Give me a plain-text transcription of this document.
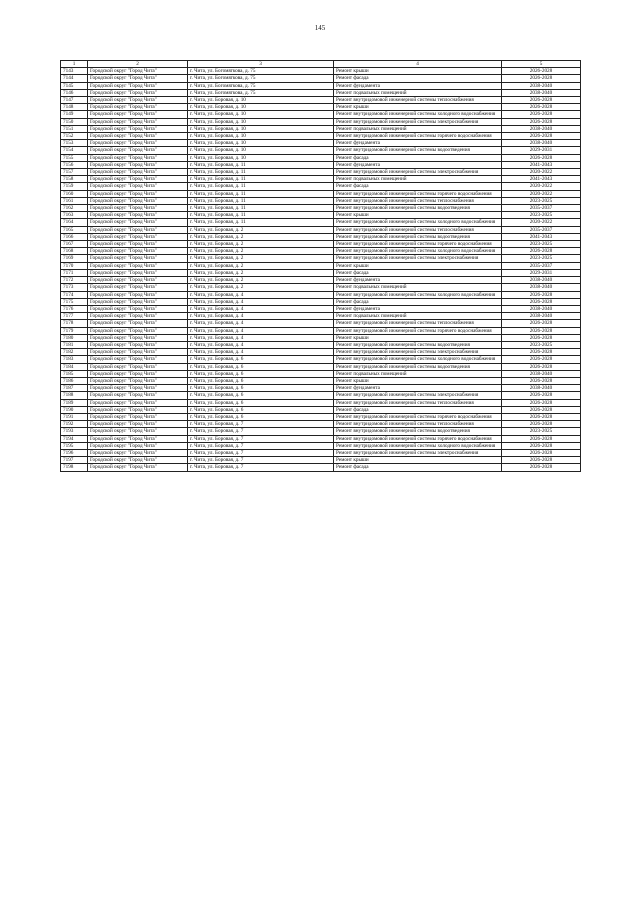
145
1	2	3	4	5
7143	Городской округ "Город Чита"	г. Чита, ул. Богомягкова, д. 75	Ремонт крыши	2026-2028
7144	Городской округ "Город Чита"	г. Чита, ул. Богомягкова, д. 75	Ремонт фасада	2026-2028
7145	Городской округ "Город Чита"	г. Чита, ул. Богомягкова, д. 75	Ремонт фундамента	2038-2040
7146	Городской округ "Город Чита"	г. Чита, ул. Богомягкова, д. 75	Ремонт подвальных помещений	2038-2040
7147	Городской округ "Город Чита"	г. Чита, ул. Боровая, д. 10	Ремонт внутридомовой инженерной системы теплоснабжения	2026-2028
7148	Городской округ "Город Чита"	г. Чита, ул. Боровая, д. 10	Ремонт крыши	2026-2028
7149	Городской округ "Город Чита"	г. Чита, ул. Боровая, д. 10	Ремонт внутридомовой инженерной системы холодного водоснабжения	2026-2028
7150	Городской округ "Город Чита"	г. Чита, ул. Боровая, д. 10	Ремонт внутридомовой инженерной системы электроснабжения	2026-2028
7151	Городской округ "Город Чита"	г. Чита, ул. Боровая, д. 10	Ремонт подвальных помещений	2038-2040
7152	Городской округ "Город Чита"	г. Чита, ул. Боровая, д. 10	Ремонт внутридомовой инженерной системы горячего водоснабжения	2026-2028
7153	Городской округ "Город Чита"	г. Чита, ул. Боровая, д. 10	Ремонт фундамента	2038-2040
7154	Городской округ "Город Чита"	г. Чита, ул. Боровая, д. 10	Ремонт внутридомовой инженерной системы водоотведения	2029-2031
7155	Городской округ "Город Чита"	г. Чита, ул. Боровая, д. 10	Ремонт фасада	2026-2028
7156	Городской округ "Город Чита"	г. Чита, ул. Боровая, д. 11	Ремонт фундамента	2041-2043
7157	Городской округ "Город Чита"	г. Чита, ул. Боровая, д. 11	Ремонт внутридомовой инженерной системы электроснабжения	2020-2022
7158	Городской округ "Город Чита"	г. Чита, ул. Боровая, д. 11	Ремонт подвальных помещений	2041-2043
7159	Городской округ "Город Чита"	г. Чита, ул. Боровая, д. 11	Ремонт фасада	2020-2022
7160	Городской округ "Город Чита"	г. Чита, ул. Боровая, д. 11	Ремонт внутридомовой инженерной системы горячего водоснабжения	2020-2022
7161	Городской округ "Город Чита"	г. Чита, ул. Боровая, д. 11	Ремонт внутридомовой инженерной системы теплоснабжения	2023-2025
7162	Городской округ "Город Чита"	г. Чита, ул. Боровая, д. 11	Ремонт внутридомовой инженерной системы водоотведения	2035-2037
7163	Городской округ "Город Чита"	г. Чита, ул. Боровая, д. 11	Ремонт крыши	2023-2025
7164	Городской округ "Город Чита"	г. Чита, ул. Боровая, д. 11	Ремонт внутридомовой инженерной системы холодного водоснабжения	2020-2022
7165	Городской округ "Город Чита"	г. Чита, ул. Боровая, д. 2	Ремонт внутридомовой инженерной системы теплоснабжения	2035-2037
7166	Городской округ "Город Чита"	г. Чита, ул. Боровая, д. 2	Ремонт внутридомовой инженерной системы водоотведения	2041-2043
7167	Городской округ "Город Чита"	г. Чита, ул. Боровая, д. 2	Ремонт внутридомовой инженерной системы горячего водоснабжения	2023-2025
7168	Городской округ "Город Чита"	г. Чита, ул. Боровая, д. 2	Ремонт внутридомовой инженерной системы холодного водоснабжения	2026-2028
7169	Городской округ "Город Чита"	г. Чита, ул. Боровая, д. 2	Ремонт внутридомовой инженерной системы электроснабжения	2023-2025
7170	Городской округ "Город Чита"	г. Чита, ул. Боровая, д. 2	Ремонт крыши	2035-2037
7171	Городской округ "Город Чита"	г. Чита, ул. Боровая, д. 2	Ремонт фасада	2029-2031
7172	Городской округ "Город Чита"	г. Чита, ул. Боровая, д. 2	Ремонт фундамента	2038-2040
7173	Городской округ "Город Чита"	г. Чита, ул. Боровая, д. 2	Ремонт подвальных помещений	2038-2040
7174	Городской округ "Город Чита"	г. Чита, ул. Боровая, д. 4	Ремонт внутридомовой инженерной системы холодного водоснабжения	2026-2028
7175	Городской округ "Город Чита"	г. Чита, ул. Боровая, д. 4	Ремонт фасада	2026-2028
7176	Городской округ "Город Чита"	г. Чита, ул. Боровая, д. 4	Ремонт фундамента	2038-2040
7177	Городской округ "Город Чита"	г. Чита, ул. Боровая, д. 4	Ремонт подвальных помещений	2038-2040
7178	Городской округ "Город Чита"	г. Чита, ул. Боровая, д. 4	Ремонт внутридомовой инженерной системы теплоснабжения	2026-2028
7179	Городской округ "Город Чита"	г. Чита, ул. Боровая, д. 4	Ремонт внутридомовой инженерной системы горячего водоснабжения	2026-2028
7180	Городской округ "Город Чита"	г. Чита, ул. Боровая, д. 4	Ремонт крыши	2026-2028
7181	Городской округ "Город Чита"	г. Чита, ул. Боровая, д. 4	Ремонт внутридомовой инженерной системы водоотведения	2023-2025
7182	Городской округ "Город Чита"	г. Чита, ул. Боровая, д. 4	Ремонт внутридомовой инженерной системы электроснабжения	2026-2028
7183	Городской округ "Город Чита"	г. Чита, ул. Боровая, д. 6	Ремонт внутридомовой инженерной системы холодного водоснабжения	2026-2028
7184	Городской округ "Город Чита"	г. Чита, ул. Боровая, д. 6	Ремонт внутридомовой инженерной системы водоотведения	2026-2028
7185	Городской округ "Город Чита"	г. Чита, ул. Боровая, д. 6	Ремонт подвальных помещений	2038-2040
7186	Городской округ "Город Чита"	г. Чита, ул. Боровая, д. 6	Ремонт крыши	2026-2028
7187	Городской округ "Город Чита"	г. Чита, ул. Боровая, д. 6	Ремонт фундамента	2038-2040
7188	Городской округ "Город Чита"	г. Чита, ул. Боровая, д. 6	Ремонт внутридомовой инженерной системы электроснабжения	2026-2028
7189	Городской округ "Город Чита"	г. Чита, ул. Боровая, д. 6	Ремонт внутридомовой инженерной системы теплоснабжения	2026-2028
7190	Городской округ "Город Чита"	г. Чита, ул. Боровая, д. 6	Ремонт фасада	2026-2028
7191	Городской округ "Город Чита"	г. Чита, ул. Боровая, д. 6	Ремонт внутридомовой инженерной системы горячего водоснабжения	2026-2028
7192	Городской округ "Город Чита"	г. Чита, ул. Боровая, д. 7	Ремонт внутридомовой инженерной системы теплоснабжения	2026-2028
7193	Городской округ "Город Чита"	г. Чита, ул. Боровая, д. 7	Ремонт внутридомовой инженерной системы водоотведения	2023-2025
7194	Городской округ "Город Чита"	г. Чита, ул. Боровая, д. 7	Ремонт внутридомовой инженерной системы горячего водоснабжения	2026-2028
7195	Городской округ "Город Чита"	г. Чита, ул. Боровая, д. 7	Ремонт внутридомовой инженерной системы холодного водоснабжения	2026-2028
7196	Городской округ "Город Чита"	г. Чита, ул. Боровая, д. 7	Ремонт внутридомовой инженерной системы электроснабжения	2026-2028
7197	Городской округ "Город Чита"	г. Чита, ул. Боровая, д. 7	Ремонт крыши	2026-2028
7198	Городской округ "Город Чита"	г. Чита, ул. Боровая, д. 7	Ремонт фасада	2026-2028
